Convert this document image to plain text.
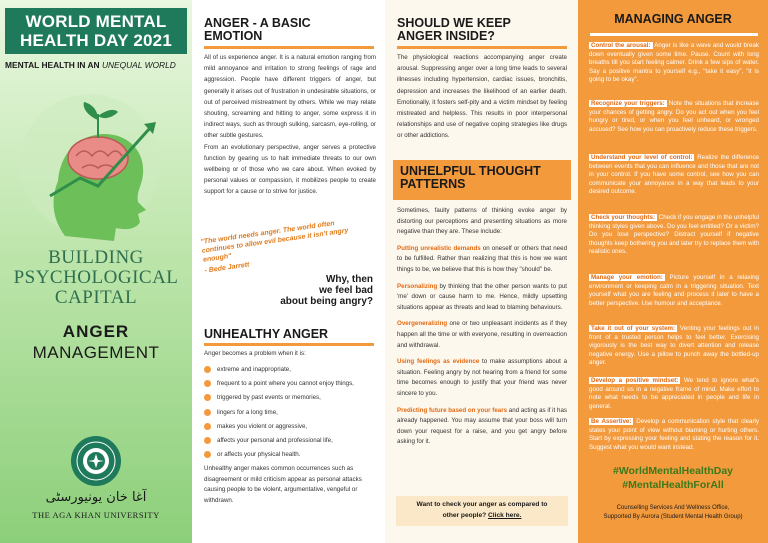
WORLD MENTAL
HEALTH DAY 2021
MENTAL HEALTH IN AN UNEQUAL WORLD
BUILDING
PSYCHOLOGICAL
CAPITAL
ANGER
MANAGEMENT
آغا خان یونیورسٹی
THE AGA KHAN UNIVERSITY
ANGER - A BASIC
EMOTION

All of us experience anger. It is a natural emotion ranging from mild annoyance and irritation to strong feelings of rage and aggression. People have different triggers of anger, but generally it arises out of frustration in undesirable situations, or out of perceived mistreatment by others. While we may relate shouting, screaming and hitting to anger, some express it in indirect ways, such as through sulking, sarcasm, eye-rolling, or other subtle gestures.

From an evolutionary perspective, anger serves a protective function by gearing us to halt immediate threats to our own wellbeing or of those who we care about. When evoked by personal values or compassion, it mobilizes people to create support for a cause or to strive for justice.

"The world needs anger. The world often continues to allow evil because it isn't angry enough"
- Bede Jarrett
Why, then
we feel bad
about being angry?
UNHEALTHY ANGER
Anger becomes a problem when it is:
extreme and inappropriate,
frequent to a point where you cannot enjoy things,
triggered by past events or memories,
lingers for a long time,
makes you violent or aggressive,
affects your personal and professional life,
or affects your physical health.
Unhealthy anger makes common occurrences such as disagreement or mild criticism appear as personal attacks causing people to be violent, argumentative, vengeful or withdrawn.
SHOULD WE KEEP
ANGER INSIDE?
The physiological reactions accompanying anger create arousal. Suppressing anger over a long time leads to several illnesses including hypertension, cardiac issues, bronchitis, depression and increases the likelihood of an earlier death. Emotionally, it fosters self-pity and a victim mindset by feeling mistreated and helpless. This results in poor interpersonal relationships and use of negative coping strategies like drugs or other addictions.
UNHELPFUL THOUGHT
PATTERNS

Sometimes, faulty patterns of thinking evoke anger by distorting our perceptions and presenting situations as more negative than they are. These include:

Putting unrealistic demands on oneself or others that need to be fulfilled. Rather than realizing that this is how we want things to be, we believe that this is how they "should" be.

Personalizing by thinking that the other person wants to put 'me' down or cause harm to me. Hence, mildly upsetting situations appear as threats and lead to blaming behaviours.

Overgeneralizing one or two unpleasant incidents as if they happen all the time or with everyone, resulting in overreaction and withdrawal.

Using feelings as evidence to make assumptions about a situation. Feeling angry by not hearing from a friend for some time becomes enough to justify that your friend was never sincere to you.

Predicting future based on your fears and acting as if it has already happened. You may assume that your boss will turn down your request for a raise, and you get angry before asking for it.

Want to check your anger as compared to
other people? Click here.
MANAGING ANGER
Control the arousal: Anger is like a wave and would break down eventually given some time. Pause. Count with long breaths till you start feeling calmer. Drink a few sips of water. Say a positive mantra to yourself e.g., "take it easy", "it is going to be okay".
Recognize your triggers: Note the situations that increase your chances of getting angry. Do you act out when you feel hungry or tired, or when you feel unheard, or wronged accused? See how you can proactively reduce these triggers.
Understand your level of control: Realize the difference between events that you can influence and those that are not in your control. If you have some control, see how you can communicate your annoyance in a way that leads to your desired outcome.
Check your thoughts: Check if you engage in the unhelpful thinking styles given above. Do you feel entitled? Or a victim? Do you lose perspective? Distract yourself if negative thoughts keep bothering you and later try to replace them with realistic ones.
Manage your emotion: Picture yourself in a relaxing environment or keeping calm in a triggering situation. Text yourself what you are feeling and process it later to have a better perspective. Use humour and acceptance.
Take it out of your system: Venting your feelings out in front of a trusted person helps to feel better. Exercising vigorously is the best way to divert attention and release negative energy. Use a pillow to punch away the bottled-up anger.
Develop a positive mindset: We tend to ignore what's good around us in a negative frame of mind. Make effort to note what needs to be appreciated in people and life in general.
Be Assertive: Develop a communication style that clearly states your point of view without blaming or hurting others. Start by expressing your feeling and stating the reason for it. Suggest what you would want instead.
#WorldMentalHealthDay
#MentalHealthForAll
Counselling Services And Wellness Office,
Supported By Aurora (Student Mental Health Group)
